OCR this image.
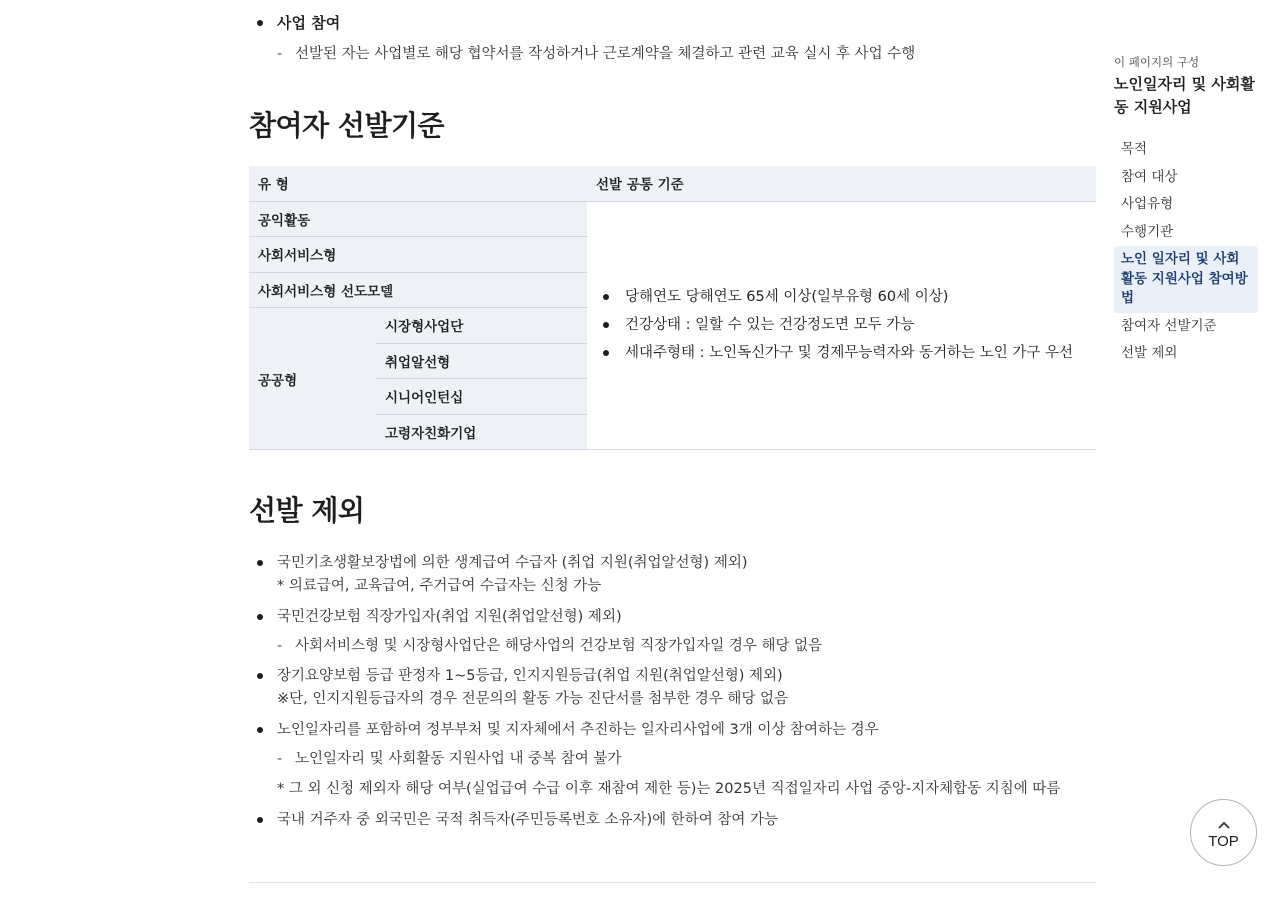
사업 참여
- 선발된 자는 사업별로 해당 협약서를 작성하거나 근로계약을 체결하고 관련 교육 실시 후 사업 수행
참여자 선발기준
유 형		선발 공통 기준
공익활동		당해연도 당해연도 65세 이상(일부유형 60세 이상)
건강상태 : 일할 수 있는 건강정도면 모두 가능
세대주형태 : 노인독신가구 및 경제무능력자와 동거하는 노인 가구 우선

사회서비스형		
사회서비스형 선도모델		
공공형	시장형사업단	
	취업알선형	
	시니어인턴십	
	고령자친화기업	
선발 제외
국민기초생활보장법에 의한 생계급여 수급자 (취업 지원(취업알선형) 제외)
* 의료급여, 교육급여, 주거급여 수급자는 신청 가능
국민건강보험 직장가입자(취업 지원(취업알선형) 제외)
- 사회서비스형 및 시장형사업단은 해당사업의 건강보험 직장가입자일 경우 해당 없음
장기요양보험 등급 판정자 1~5등급, 인지지원등급(취업 지원(취업알선형) 제외)
※단, 인지지원등급자의 경우 전문의의 활동 가능 진단서를 첨부한 경우 해당 없음
노인일자리를 포함하여 정부부처 및 지자체에서 추진하는 일자리사업에 3개 이상 참여하는 경우
- 노인일자리 및 사회활동 지원사업 내 중복 참여 불가
* 그 외 신청 제외자 해당 여부(실업급여 수급 이후 재참여 제한 등)는 2025년 직접일자리 사업 중앙-지자체합동 지침에 따름
국내 거주자 중 외국민은 국적 취득자(주민등록번호 소유자)에 한하여 참여 가능
이 페이지의 구성
노인일자리 및 사회활동 지원사업
목적
참여 대상
사업유형
수행기관
노인 일자리 및 사회활동 지원사업 참여방법
참여자 선발기준
선발 제외
TOP
